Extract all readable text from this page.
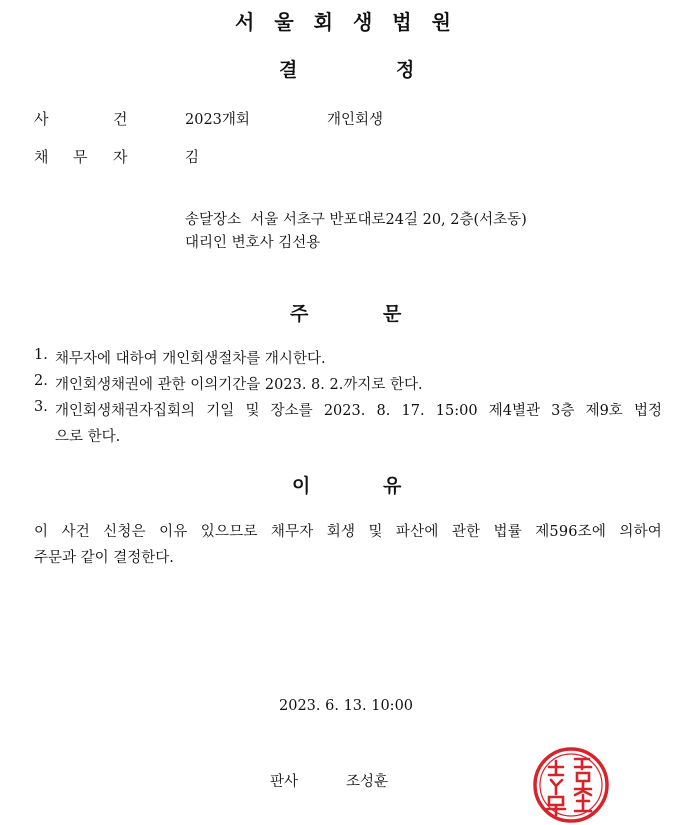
서울회생법원
결	정
사	건	2023개회	개인회생
채 무 자	김
송달장소  서울 서초구 반포대로24길 20, 2층(서초동)
대리인 변호사 김선용
주	문
1. 채무자에 대하여 개인회생절차를 개시한다.
2. 개인회생채권에 관한 이의기간을 2023. 8. 2.까지로 한다.
3. 개인회생채권자집회의 기일 및 장소를 2023. 8. 17. 15:00 제4별관 3층 제9호 법정
으로 한다.
이	유
이 사건 신청은 이유 있으므로 채무자 회생 및 파산에 관한 법률 제596조에 의하여
주문과 같이 결정한다.
2023. 6. 13. 10:00
판사	조성훈
